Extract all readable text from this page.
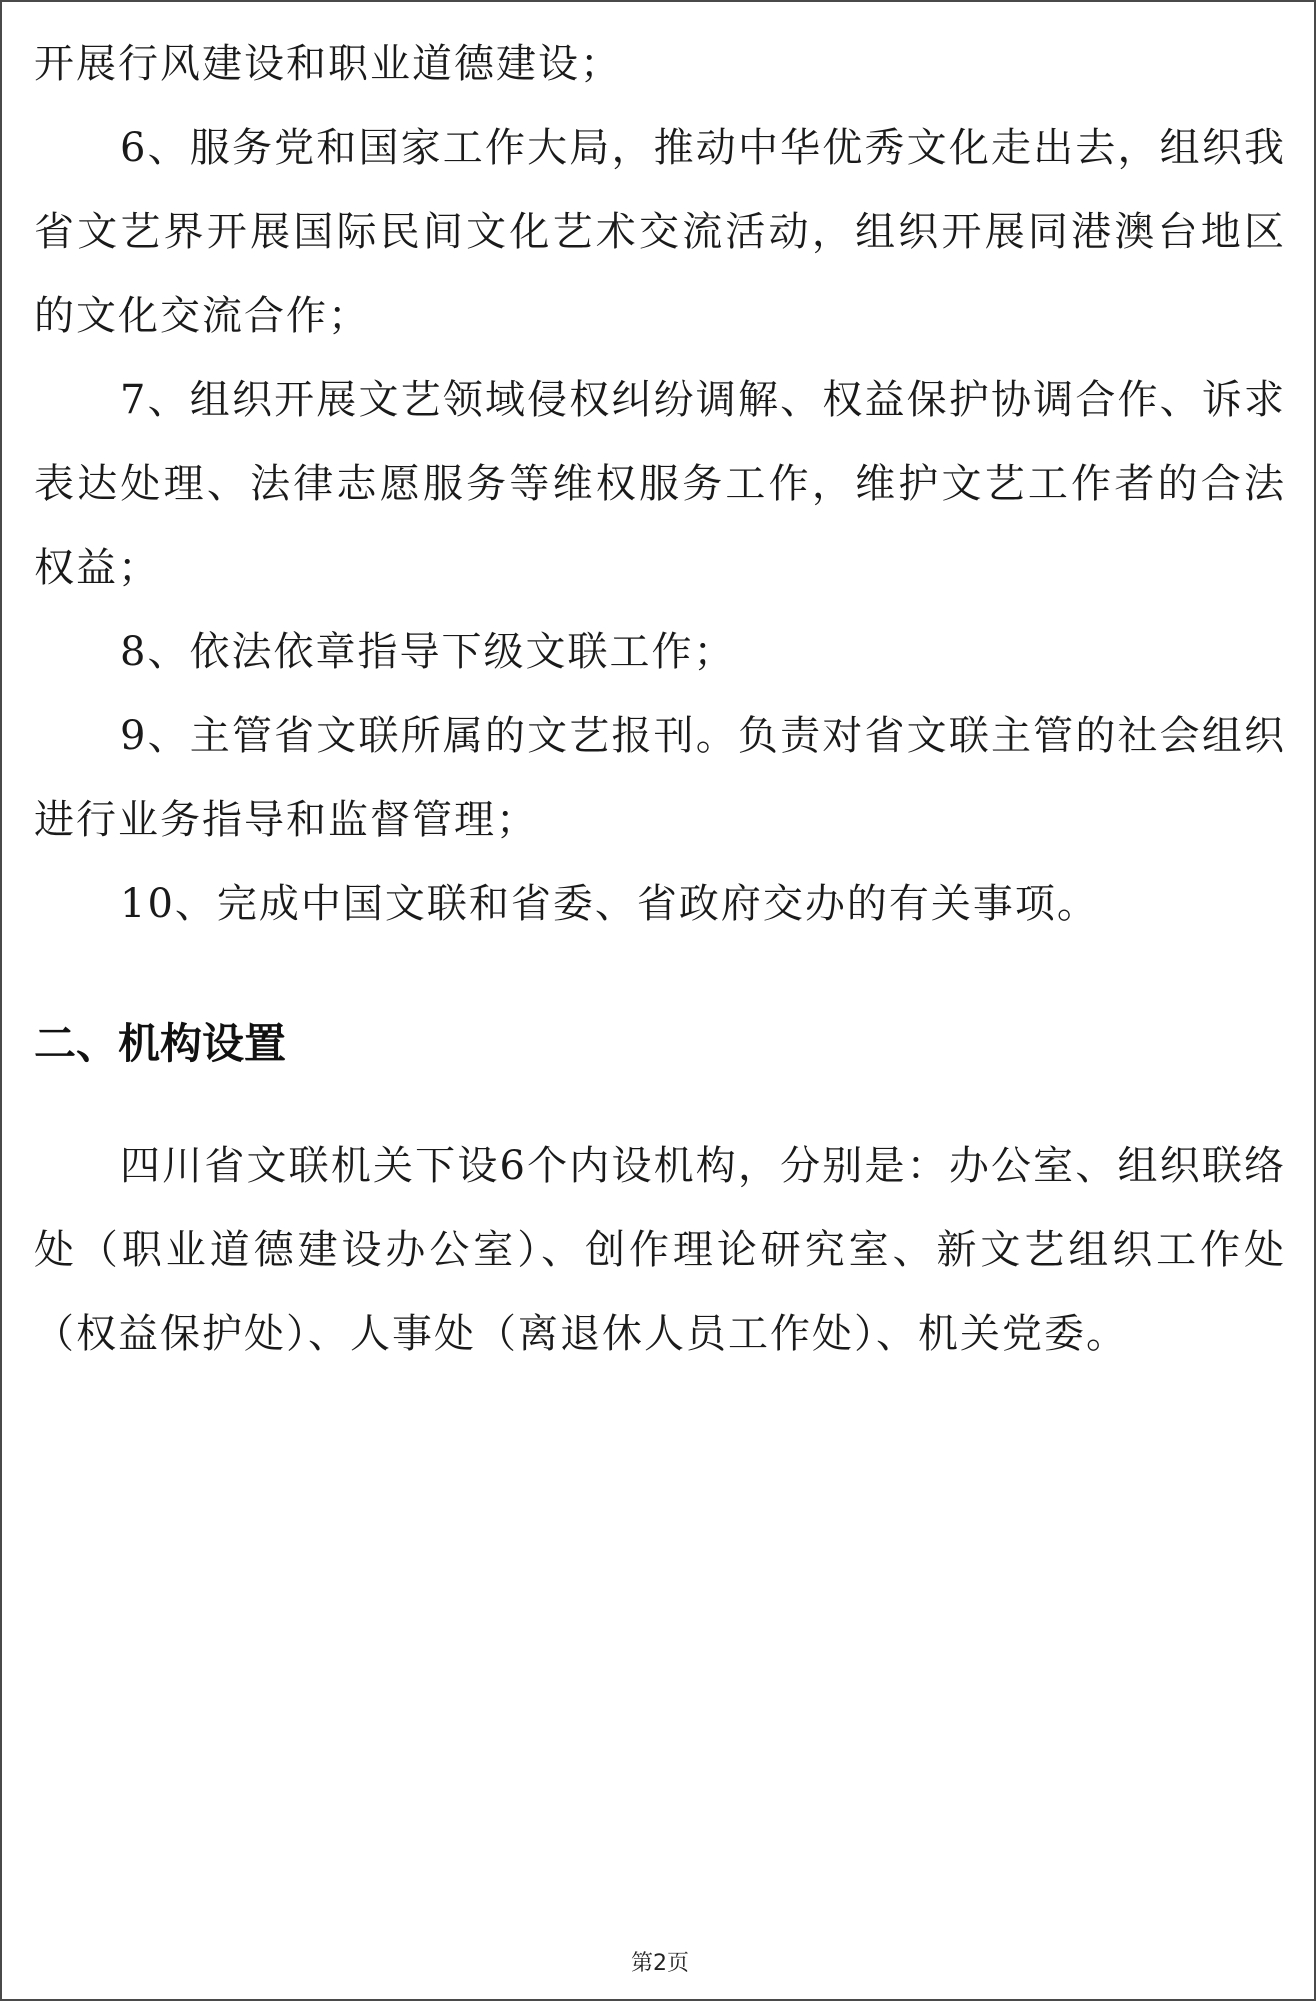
开展行风建设和职业道德建设；

6、服务党和国家工作大局，推动中华优秀文化走出去，组织我省文艺界开展国际民间文化艺术交流活动，组织开展同港澳台地区的文化交流合作；

7、组织开展文艺领域侵权纠纷调解、权益保护协调合作、诉求表达处理、法律志愿服务等维权服务工作，维护文艺工作者的合法权益；

8、依法依章指导下级文联工作；

9、主管省文联所属的文艺报刊。负责对省文联主管的社会组织进行业务指导和监督管理；

10、完成中国文联和省委、省政府交办的有关事项。

二、机构设置

四川省文联机关下设6个内设机构，分别是：办公室、组织联络处（职业道德建设办公室）、创作理论研究室、新文艺组织工作处（权益保护处）、人事处（离退休人员工作处）、机关党委。

第2页
